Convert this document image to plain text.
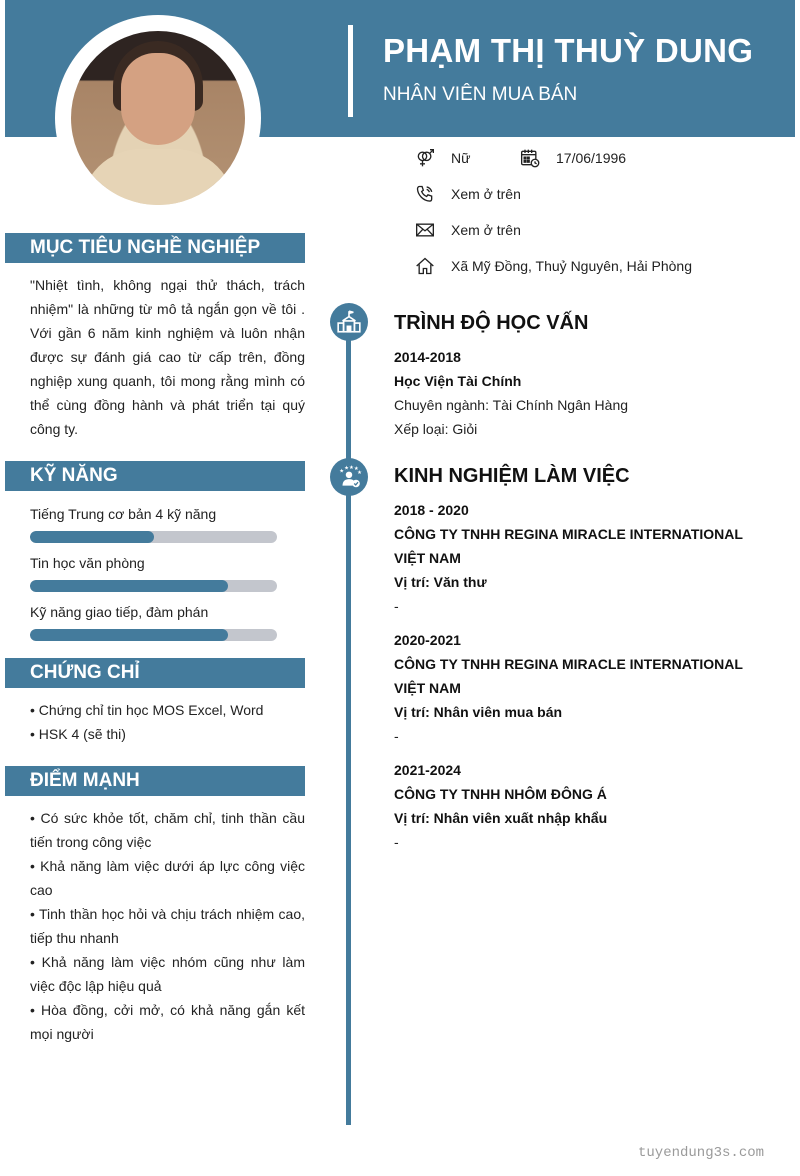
PHẠM THỊ THUỲ DUNG
NHÂN VIÊN MUA BÁN
Nữ	17/06/1996
Xem ở trên
Xem ở trên
Xã Mỹ Đồng, Thuỷ Nguyên, Hải Phòng
MỤC TIÊU NGHỀ NGHIỆP
"Nhiệt tình, không ngại thử thách, trách nhiệm" là những từ mô tả ngắn gọn về tôi . Với gần 6 năm kinh nghiệm và luôn nhận được sự đánh giá cao từ cấp trên, đồng nghiệp xung quanh, tôi mong rằng mình có thể cùng đồng hành và phát triển tại quý công ty.
KỸ NĂNG
Tiếng Trung cơ bản 4 kỹ năng
Tin học văn phòng
Kỹ năng giao tiếp, đàm phán
CHỨNG CHỈ
• Chứng chỉ tin học MOS Excel, Word
• HSK 4 (sẽ thi)
ĐIỂM MẠNH
• Có sức khỏe tốt, chăm chỉ, tinh thần cầu tiến trong công việc
• Khả năng làm việc dưới áp lực công việc cao
• Tinh thần học hỏi và chịu trách nhiệm cao, tiếp thu nhanh
• Khả năng làm việc nhóm cũng như làm việc độc lập hiệu quả
• Hòa đồng, cởi mở, có khả năng gắn kết mọi người
★
★ ★ ★
★
TRÌNH ĐỘ HỌC VẤN
2014-2018
Học Viện Tài Chính
Chuyên ngành: Tài Chính Ngân Hàng
Xếp loại: Giỏi
KINH NGHIỆM LÀM VIỆC
2018 - 2020
CÔNG TY TNHH REGINA MIRACLE INTERNATIONAL
VIỆT NAM
Vị trí: Văn thư
-
2020-2021
CÔNG TY TNHH REGINA MIRACLE INTERNATIONAL
VIỆT NAM
Vị trí: Nhân viên mua bán
-
2021-2024
CÔNG TY TNHH NHÔM ĐÔNG Á
Vị trí: Nhân viên xuất nhập khẩu
-
tuyendung3s.com
